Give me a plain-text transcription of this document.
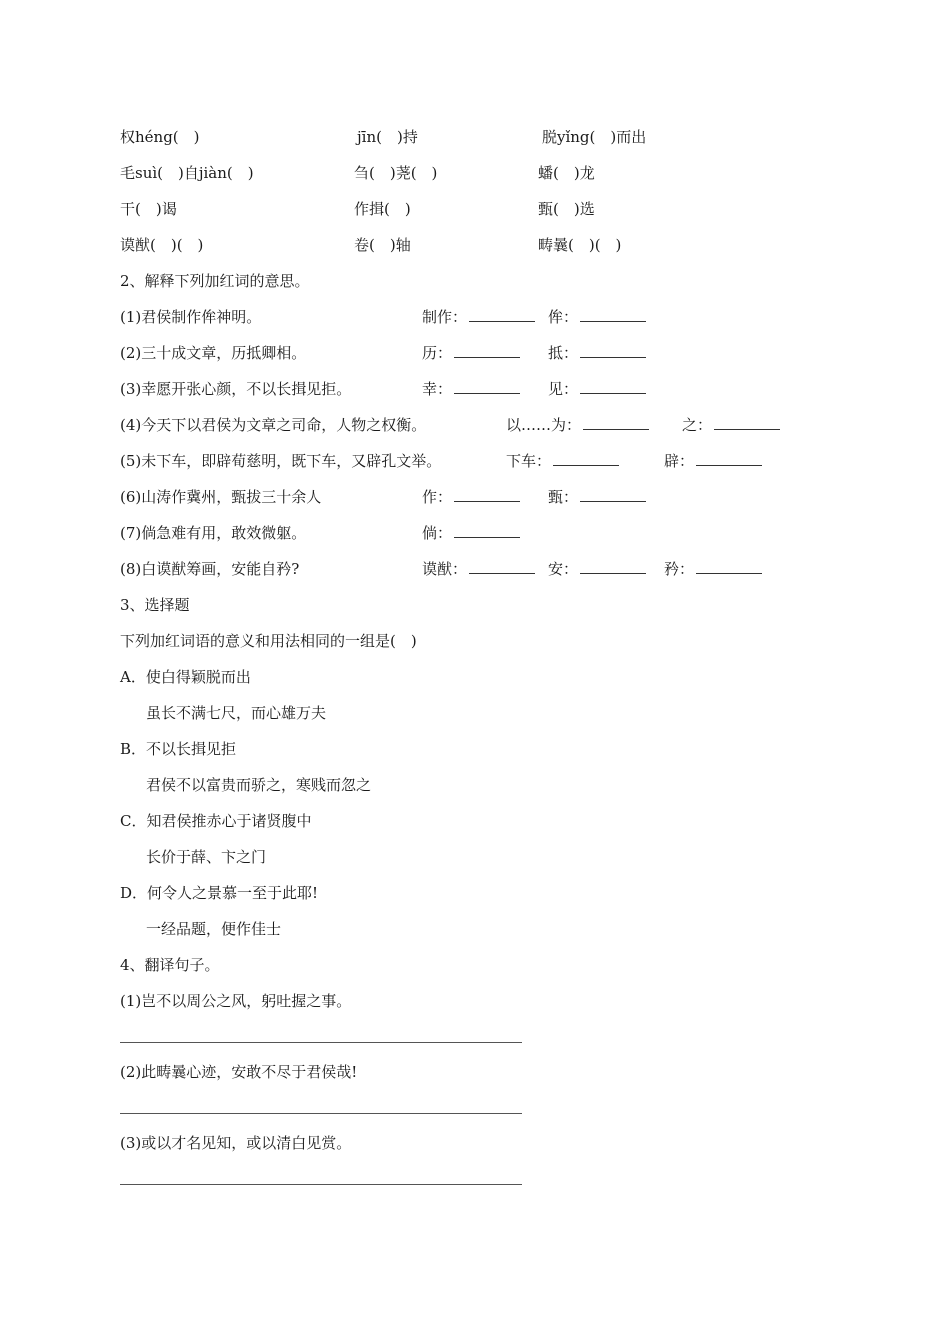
权héng(　)	jīn(　)持	脱yǐng(　)而出
毛suì(　)自jiàn(　)	刍(　)荛(　)	蟠(　)龙
干(　)谒	作揖(　)	甄(　)选
谟猷(　)(　)	卷(　)轴	畴曩(　)(　)
2、解释下列加红词的意思。
(1)君侯制作侔神明。	制作：	侔：
(2)三十成文章，历抵卿相。	历：	抵：
(3)幸愿开张心颜，不以长揖见拒。	幸：	见：
(4)今天下以君侯为文章之司命，人物之权衡。	以……为：	之：
(5)未下车，即辟荀慈明，既下车，又辟孔文举。	下车：	辟：
(6)山涛作冀州，甄拔三十余人	作：	甄：
(7)倘急难有用，敢效微躯。	倘：
(8)白谟猷筹画，安能自矜?	谟猷：	安：	矜：
3、选择题
下列加红词语的意义和用法相同的一组是(　)
A．使白得颖脱而出
虽长不满七尺，而心雄万夫
B．不以长揖见拒
君侯不以富贵而骄之，寒贱而忽之
C．知君侯推赤心于诸贤腹中
长价于薛、卞之门
D．何令人之景慕一至于此耶!
一经品题，便作佳士
4、翻译句子。
(1)岂不以周公之风，躬吐握之事。
(2)此畴曩心迹，安敢不尽于君侯哉!
(3)或以才名见知，或以清白见赏。
